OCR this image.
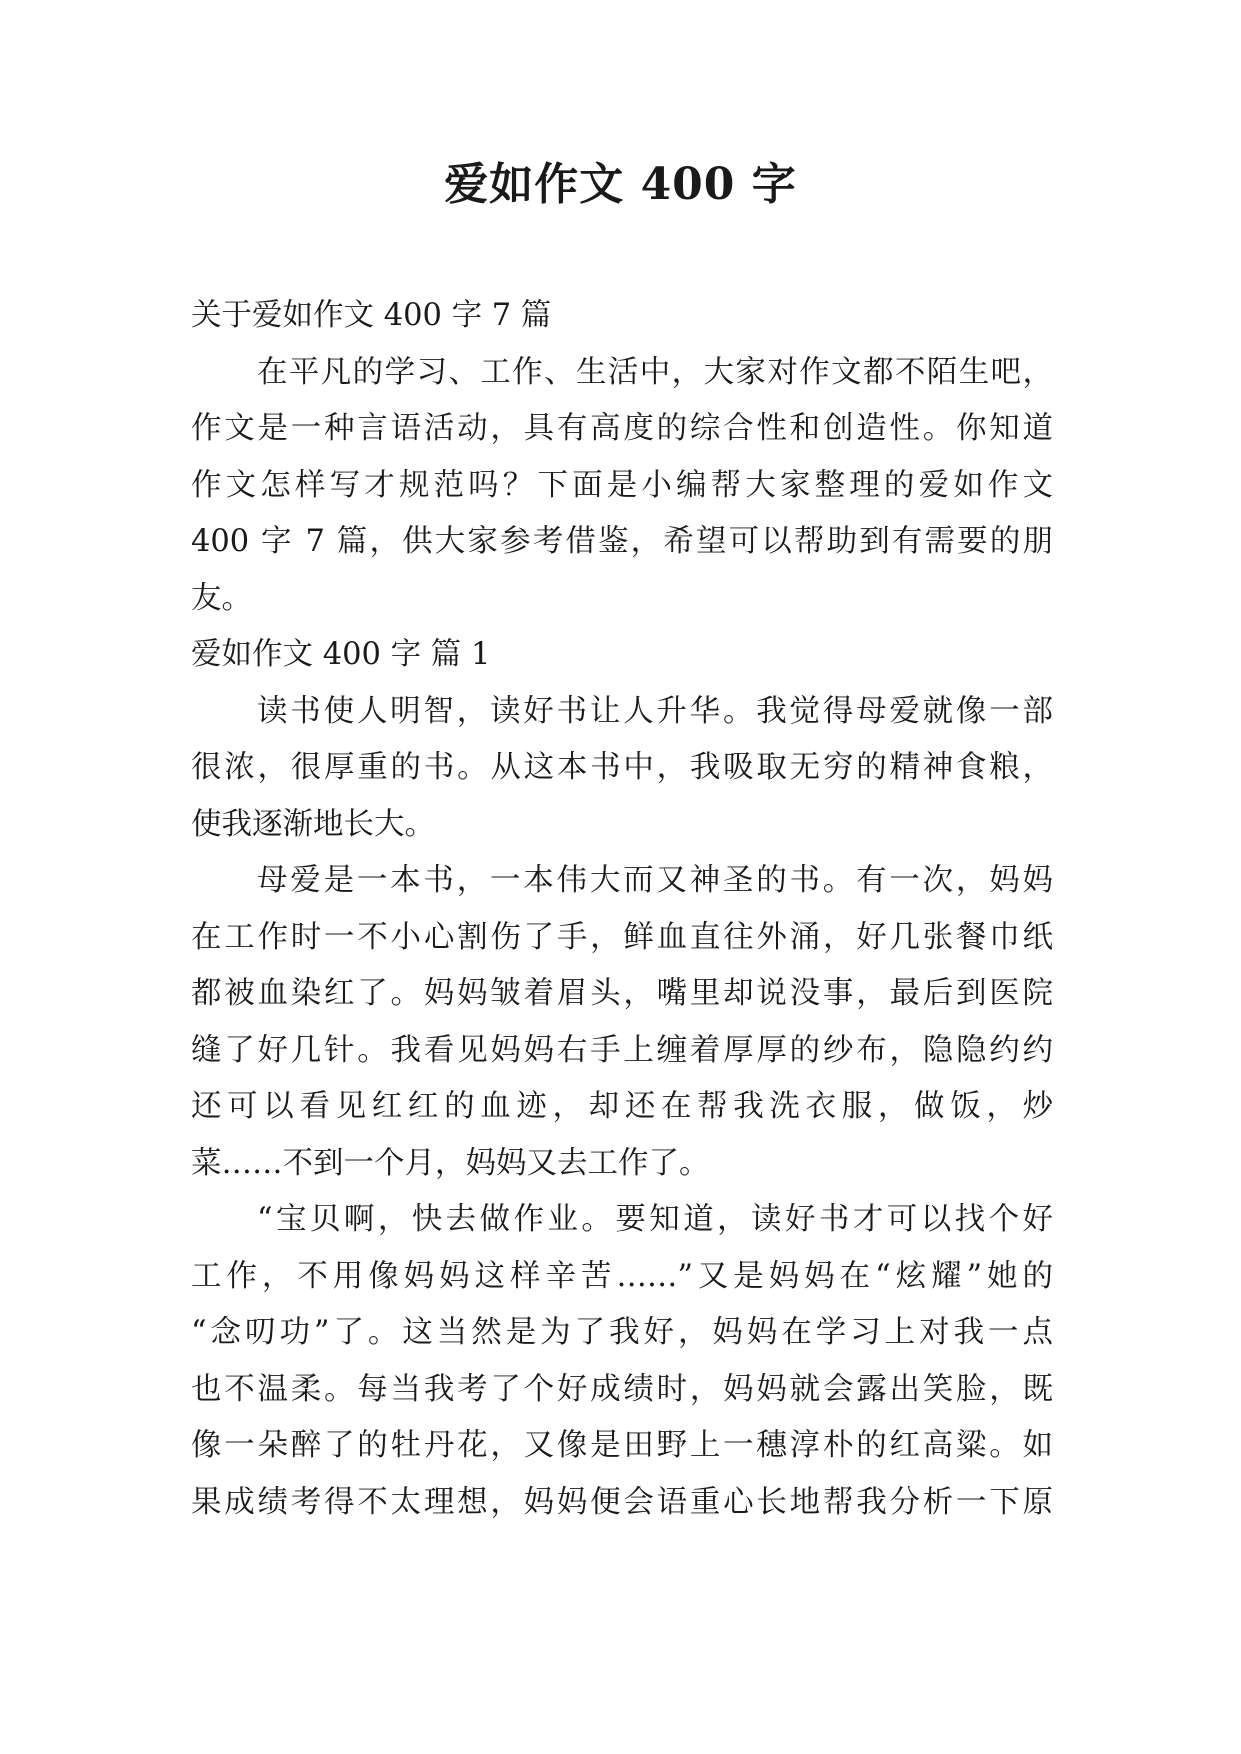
爱如作文 400 字
关于爱如作文 400 字 7 篇
在平凡的学习、工作、生活中，大家对作文都不陌生吧，
作文是一种言语活动，具有高度的综合性和创造性。你知道
作文怎样写才规范吗？下面是小编帮大家整理的爱如作文
400 字 7 篇，供大家参考借鉴，希望可以帮助到有需要的朋
友。
爱如作文 400 字 篇 1
读书使人明智，读好书让人升华。我觉得母爱就像一部
很浓，很厚重的书。从这本书中，我吸取无穷的精神食粮，
使我逐渐地长大。
母爱是一本书，一本伟大而又神圣的书。有一次，妈妈
在工作时一不小心割伤了手，鲜血直往外涌，好几张餐巾纸
都被血染红了。妈妈皱着眉头，嘴里却说没事，最后到医院
缝了好几针。我看见妈妈右手上缠着厚厚的纱布，隐隐约约
还可以看见红红的血迹，却还在帮我洗衣服，做饭，炒
菜……不到一个月，妈妈又去工作了。
“宝贝啊，快去做作业。要知道，读好书才可以找个好
工作，不用像妈妈这样辛苦……”又是妈妈在“炫耀”她的
“念叨功”了。这当然是为了我好，妈妈在学习上对我一点
也不温柔。每当我考了个好成绩时，妈妈就会露出笑脸，既
像一朵醉了的牡丹花，又像是田野上一穗淳朴的红高粱。如
果成绩考得不太理想，妈妈便会语重心长地帮我分析一下原
